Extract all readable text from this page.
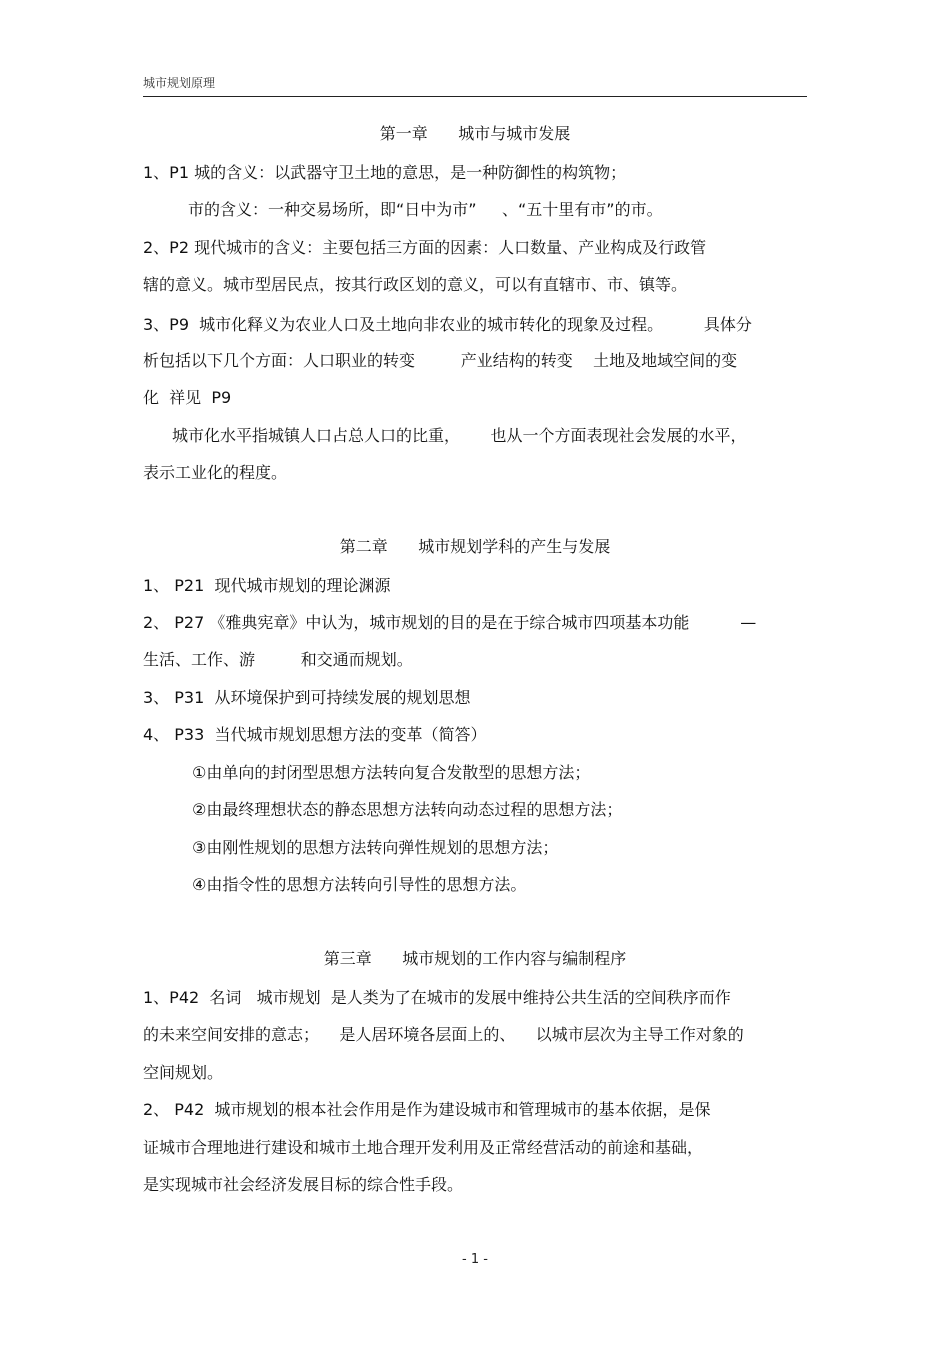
城市规划原理
第一章      城市与城市发展
1、P1 城的含义：以武器守卫土地的意思，是一种防御性的构筑物；
市的含义：一种交易场所，即“日中为市”     、“五十里有市”的市。
2、P2 现代城市的含义：主要包括三方面的因素：人口数量、产业构成及行政管
辖的意义。城市型居民点，按其行政区划的意义，可以有直辖市、市、镇等。
3、P9  城市化释义为农业人口及土地向非农业的城市转化的现象及过程。        具体分
析包括以下几个方面：人口职业的转变         产业结构的转变    土地及地域空间的变
化  祥见  P9
城市化水平指城镇人口占总人口的比重，      也从一个方面表现社会发展的水平，
表示工业化的程度。
第二章      城市规划学科的产生与发展
1、 P21  现代城市规划的理论渊源
2、 P27 《雅典宪章》中认为，城市规划的目的是在于综合城市四项基本功能          —
生活、工作、游         和交通而规划。
3、 P31  从环境保护到可持续发展的规划思想
4、 P33  当代城市规划思想方法的变革（简答）
①由单向的封闭型思想方法转向复合发散型的思想方法；
②由最终理想状态的静态思想方法转向动态过程的思想方法；
③由刚性规划的思想方法转向弹性规划的思想方法；
④由指令性的思想方法转向引导性的思想方法。
第三章      城市规划的工作内容与编制程序
1、P42  名词   城市规划  是人类为了在城市的发展中维持公共生活的空间秩序而作
的未来空间安排的意志；    是人居环境各层面上的、    以城市层次为主导工作对象的
空间规划。
2、 P42  城市规划的根本社会作用是作为建设城市和管理城市的基本依据，是保
证城市合理地进行建设和城市土地合理开发利用及正常经营活动的前途和基础，
是实现城市社会经济发展目标的综合性手段。
- 1 -
